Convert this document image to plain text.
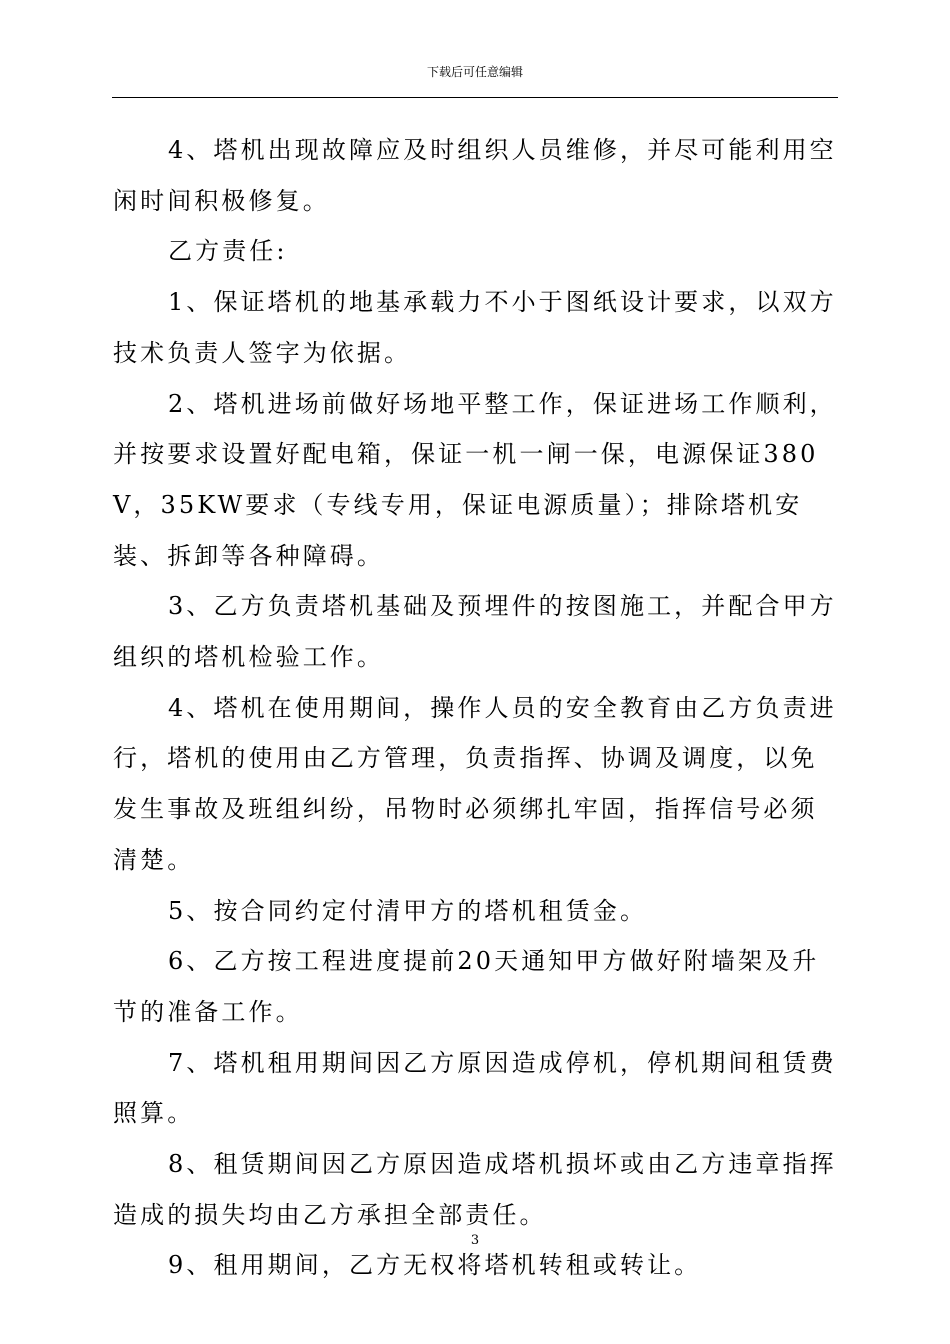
下载后可任意编辑

4、塔机出现故障应及时组织人员维修，并尽可能利用空闲时间积极修复。

乙方责任:

1、保证塔机的地基承载力不小于图纸设计要求，以双方技术负责人签字为依据。

2、塔机进场前做好场地平整工作，保证进场工作顺利，并按要求设置好配电箱，保证一机一闸一保，电源保证380V，35KW要求（专线专用，保证电源质量）；排除塔机安装、拆卸等各种障碍。

3、乙方负责塔机基础及预埋件的按图施工，并配合甲方组织的塔机检验工作。

4、塔机在使用期间，操作人员的安全教育由乙方负责进行，塔机的使用由乙方管理，负责指挥、协调及调度，以免发生事故及班组纠纷，吊物时必须绑扎牢固，指挥信号必须清楚。

5、按合同约定付清甲方的塔机租赁金。

6、乙方按工程进度提前20天通知甲方做好附墙架及升节的准备工作。

7、塔机租用期间因乙方原因造成停机，停机期间租赁费照算。

8、租赁期间因乙方原因造成塔机损坏或由乙方违章指挥造成的损失均由乙方承担全部责任。

9、租用期间，乙方无权将塔机转租或转让。

3
